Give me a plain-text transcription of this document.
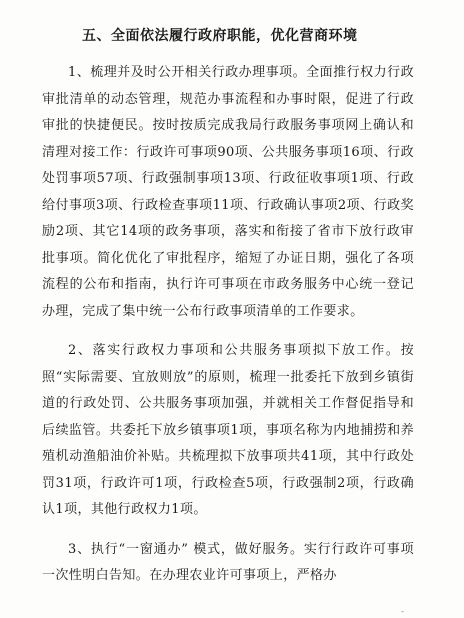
五、全面依法履行政府职能，优化营商环境

1、梳理并及时公开相关行政办理事项。全面推行权力行政审批清单的动态管理，规范办事流程和办事时限，促进了行政审批的快捷便民。按时按质完成我局行政服务事项网上确认和清理对接工作：行政许可事项90项、公共服务事项16项、行政处罚事项57项、行政强制事项13项、行政征收事项1项、行政给付事项3项、行政检查事项11项、行政确认事项2项、行政奖励2项、其它14项的政务事项，落实和衔接了省市下放行政审批事项。简化优化了审批程序，缩短了办证日期，强化了各项流程的公布和指南，执行许可事项在市政务服务中心统一登记办理，完成了集中统一公布行政事项清单的工作要求。

2、落实行政权力事项和公共服务事项拟下放工作。按照“实际需要、宜放则放”的原则，梳理一批委托下放到乡镇街道的行政处罚、公共服务事项加强，并就相关工作督促指导和后续监管。共委托下放乡镇事项1项，事项名称为内地捕捞和养殖机动渔船油价补贴。共梳理拟下放事项共41项，其中行政处罚31项，行政许可1项，行政检查5项，行政强制2项，行政确认1项，其他行政权力1项。

3、执行“一窗通办” 模式，做好服务。实行行政许可事项一次性明白告知。在办理农业许可事项上，严格办

-
